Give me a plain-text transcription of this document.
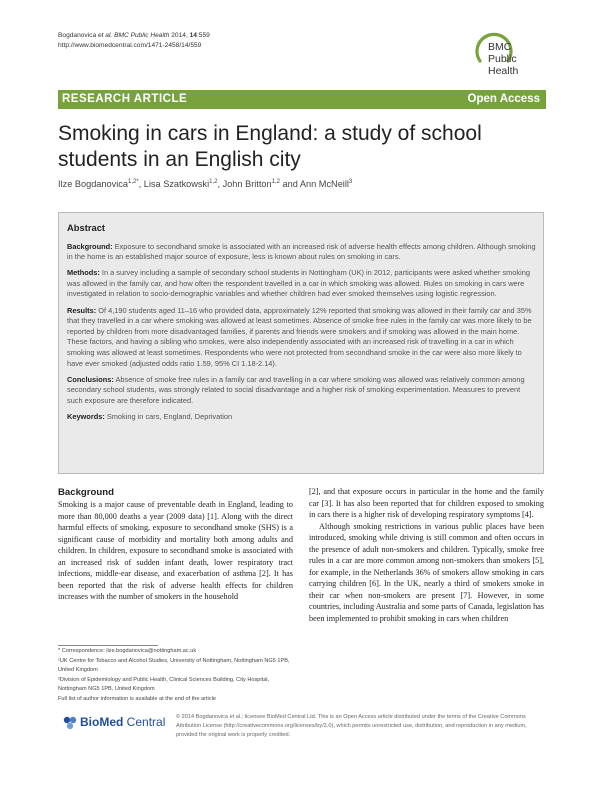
Bogdanovica et al. BMC Public Health 2014, 14:559
http://www.biomedcentral.com/1471-2458/14/559	BMC
Public Health
RESEARCH ARTICLE	Open Access
Smoking in cars in England: a study of school students in an English city
Ilze Bogdanovica$^{1,2*}$, Lisa Szatkowski$^{1,2}$, John Britton$^{1,2}$ and Ann McNeill$^3$
Abstract

Background: Exposure to secondhand smoke is associated with an increased risk of adverse health effects among children. Although smoking in the home is an established major source of exposure, less is known about rules on smoking in cars.

Methods: In a survey including a sample of secondary school students in Nottingham (UK) in 2012, participants were asked whether smoking was allowed in the family car, and how often the respondent travelled in a car in which smoking was allowed. Rules on smoking in cars were investigated in relation to socio-demographic variables and whether children had ever smoked themselves using logistic regression.

Results: Of 4,190 students aged 11–16 who provided data, approximately 12% reported that smoking was allowed in their family car and 35% that they travelled in a car where smoking was allowed at least sometimes. Absence of smoke free rules in the family car was more likely to be reported by children from more disadvantaged families, if parents and friends were smokers and if smoking was allowed in the main home. These factors, and having a sibling who smokes, were also independently associated with an increased risk of travelling in a car in which smoking was allowed at least sometimes. Respondents who were not protected from secondhand smoke in the car were also more likely to have ever smoked (adjusted odds ratio 1.59, 95% CI 1.18-2.14).

Conclusions: Absence of smoke free rules in a family car and travelling in a car where smoking was allowed was relatively common among secondary school students, was strongly related to social disadvantage and a higher risk of smoking experimentation. Measures to prevent such exposure are therefore indicated.

Keywords: Smoking in cars, England, Deprivation

Background

Smoking is a major cause of preventable death in England, leading to more than 80,000 deaths a year (2009 data) [1]. Along with the direct harmful effects of smoking, exposure to secondhand smoke (SHS) is a significant cause of morbidity and mortality both among adults and children. In children, exposure to secondhand smoke is associated with an increased risk of sudden infant death, lower respiratory tract infections, middle-ear disease, and exacerbation of asthma [2]. It has been reported that the risk of adverse health effects for children increases with the number of smokers in the household

[2], and that exposure occurs in particular in the home and the family car [3]. It has also been reported that for children exposed to smoking in cars there is a higher risk of developing respiratory symptoms [4].

Although smoking restrictions in various public places have been introduced, smoking while driving is still common and often occurs in the presence of adult non-smokers and children. Typically, smoke free rules in a car are more common among non-smokers than smokers [5], for example, in the Netherlands 36% of smokers allow smoking in cars carrying children [6]. In the UK, nearly a third of smokers smoke in their car when non-smokers are present [7]. However, in some countries, including Australia and some parts of Canada, legislation has been implemented to prohibit smoking in cars when children

* Correspondence: ilze.bogdanovica@nottingham.ac.uk

¹UK Centre for Tobacco and Alcohol Studies, University of Nottingham, Nottingham NG5 1PB, United Kingdom

²Division of Epidemiology and Public Health, Clinical Sciences Building, City Hospital, Nottingham NG5 1PB, United Kingdom

Full list of author information is available at the end of the article

BioMed Central © 2014 Bogdanovica et al.; licensee BioMed Central Ltd. This is an Open Access article distributed under the terms of the Creative Commons Attribution License (http://creativecommons.org/licenses/by/2.0), which permits unrestricted use, distribution, and reproduction in any medium, provided the original work is properly credited.
